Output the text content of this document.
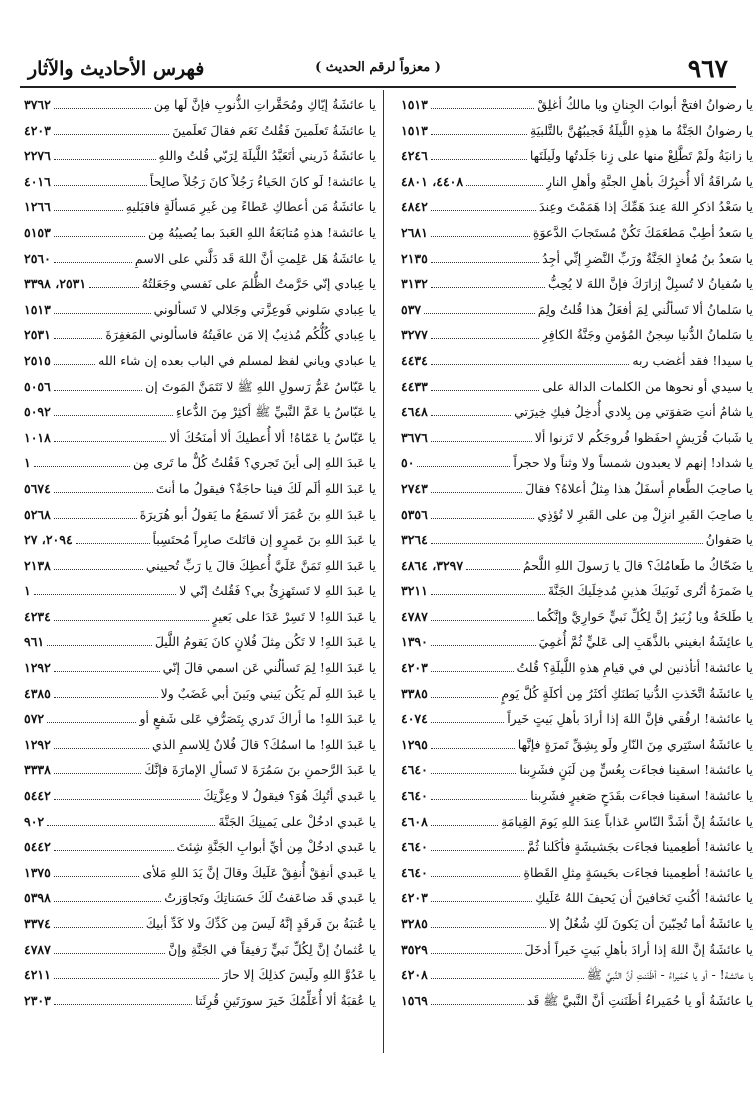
٩٦٧
( معزواً لرقم الحديث )
فهرس الأحاديث والآثار
يا رضوانُ افتحْ أبوابَ الجِنانِ ويا مالكُ أغلِقْ
١٥١٣
يا رضوانُ الجَنَّةُ ما هذِهِ اللَّيلَةُ فَجيبُهُنَّ بالتَّلبيَةِ
١٥١٣
يا زانيَةُ ولَمْ تَطَّلِعْ منها على زِنا جَلَدتُها ولَيلَتَها
٤٢٤٦
يا سُراقَةُ ألا أُخبِرُكَ بأهلِ الجنَّةِ وأهلِ النارِ
٤٤٠٨، ٤٨٠١
يا سَعْدُ اذكرِ اللهَ عِندَ هَمِّكَ إذا هَمَمْتَ وعِندَ
٤٨٤٢
يا سَعدُ أطِبْ مَطعَمَكَ تَكُنْ مُستَجابَ الدَّعوَةِ
٢٦٨١
يا سَعدُ بنُ مُعاذٍ الجَنَّةُ ورَبِّ النَّضرِ إنِّي أجِدُ
٢١٣٥
يا سُفيانُ لا تُسبِلْ إزارَكَ فإنَّ اللهَ لا يُحِبُّ
٣١٣٢
يا سَلمانُ ألا تَسألُني لِمَ أفعَلُ هذا قُلتُ ولِمَ
٥٣٧
يا سَلمانُ الدُّنيا سِجنُ المُؤمنِ وجَنَّةُ الكافِرِ
٣٢٧٧
يا سيدا! فقد أغضب ربه
٤٤٣٤
يا سيدي أو نحوها من الكلمات الدالة على
٤٤٣٣
يا شامُ أنتِ صَفوَتي مِن بِلادي أُدخِلُ فيكِ خِيرَتي
٤٦٤٨
يا شَبابَ قُرَيشٍ احفَظوا فُروجَكُم لا تَزنوا ألا
٣٦٧٦
يا شداد! إنهم لا يعبدون شمساً ولا وثناً ولا حجراً
٥٠
يا صاحِبَ الطَّعامِ أسفَلُ هذا مِثلُ أعلاهُ؟ فقالَ
٢٧٤٣
يا صاحِبَ القَبرِ انزِلْ مِن على القَبرِ لا تُؤذِي
٥٣٥٦
يا صَفوانُ
٣٢٦٤
يا ضَحّاكُ ما طَعامُكَ؟ قالَ يا رَسولَ اللهِ اللَّحمُ
٣٢٩٧، ٤٨٦٤
يا ضَمرَةُ أتُرى ثَوبَيكَ هذينِ مُدخِلَيكَ الجَنَّةَ
٣٢١١
يا طَلحَةُ ويا زُبَيرُ إنَّ لِكُلِّ نَبيٍّ حَوارِيَّ وإنَّكُما
٤٧٨٧
يا عائِشَةُ ابغيني بالذَّهَبِ إلى عَليٍّ ثُمَّ أُغمِيَ
١٣٩٠
يا عائشة! أتأذنين لي في قيامِ هذهِ اللَّيلَةِ؟ قُلتُ
٤٢٠٣
يا عائشَةُ اتَّخَذتِ الدُّنيا بَطنَكِ أكثَرُ مِن أكلَةٍ كُلَّ يَومٍ
٣٣٨٥
يا عائشة! ارفُقي فإنَّ اللهَ إذا أرادَ بأهلِ بَيتٍ خَيراً
٤٠٧٤
يا عائشَةُ استَتِري مِنَ النّارِ ولَو بِشِقِّ تَمرَةٍ فإنَّها
١٢٩٥
يا عائشة! اسقينا فجاءَت بِعُسٍّ مِن لَبَنٍ فشَرِبنا
٤٦٤٠
يا عائشة! اسقينا فجاءَت بقَدَحٍ صَغيرٍ فشَرِبنا
٤٦٤٠
يا عائشَةُ إنَّ أشَدَّ النّاسِ عَذاباً عِندَ اللهِ يَومَ القِيامَةِ
٤٦٠٨
يا عائشة! أطعِمينا فجاءَت بجَشيشَةٍ فأكَلنا ثُمَّ
٤٦٤٠
يا عائشة! أطعِمينا فجاءَت بحَيسَةٍ مِثلِ القَطاةِ
٤٦٤٠
يا عائشة! أكُنتِ تَخافينَ أن يَحيفَ اللهُ عَلَيكِ
٤٢٠٣
يا عائشَةُ أما تُحِبّينَ أن يَكونَ لَكِ شُغُلٌ إلا
٣٢٨٥
يا عائشَةُ إنَّ اللهَ إذا أرادَ بأهلِ بَيتٍ خَيراً أدخَلَ
٣٥٢٩
يا عائشة! - أو يا حُمَيراءُ - أظَنَنتِ أنَّ النَّبيَّ ﷺ
٤٢٠٨
يا عائشَةُ أو يا حُمَيراءُ أظَنَنتِ أنَّ النَّبيَّ ﷺ قَد
١٥٦٩
يا عائشَةُ إيّاكِ ومُحَقَّراتِ الذُّنوبِ فإنَّ لَها مِن
٣٧٦٢
يا عائشَةُ تَعلَمينَ فَقُلتُ نَعَم فقالَ تَعلَمينَ
٤٢٠٣
يا عائشَةُ ذَريني أتَعَبَّدُ اللَّيلَةَ لِرَبّي قُلتُ واللهِ
٢٢٧٦
يا عائشة! لَو كانَ الحَياءُ رَجُلاً كانَ رَجُلاً صالِحاً
٤٠١٦
يا عائشَةُ مَن أعطاكِ عَطاءً مِن غَيرِ مَسألَةٍ فاقبَليهِ
١٢٦٦
يا عائشة! هذهِ مُتابَعَةُ اللهِ العَبدَ بما يُصيبُهُ مِن
٥١٥٣
يا عائشَةُ هَل عَلِمتِ أنَّ اللهَ قَد دَلَّني على الاسمِ
٢٥٦٠
يا عِبادي إنّي حَرَّمتُ الظُّلمَ على نَفسي وجَعَلتُهُ
٢٥٣١، ٣٣٩٨
يا عِبادي سَلوني فَوعِزَّتي وجَلالي لا تَسألوني
١٥١٣
يا عِبادي كُلُّكُم مُذنِبٌ إلا مَن عافَيتُهُ فاسألوني المَغفِرَةَ
٢٥٣١
يا عبادي وياني لفظ لمسلم في الباب بعده إن شاء الله
٢٥١٥
يا عَبّاسُ عَمُّ رَسولِ اللهِ ﷺ لا تَتَمَنَّ المَوتَ إن
٥٠٥٦
يا عَبّاسُ يا عَمَّ النَّبيِّ ﷺ أكثِرْ مِنَ الدُّعاءِ
٥٠٩٢
يا عَبّاسُ يا عَمّاهُ! ألا أُعطيكَ ألا أمنَحُكَ ألا
١٠١٨
يا عَبدَ اللهِ إلى أينَ تَجري؟ فَقُلتُ كُلٌّ ما تَرى مِن
١
يا عَبدَ اللهِ ألَم لَكَ فينا حاجَةٌ؟ فيقولُ ما أنتَ
٥٦٧٤
يا عَبدَ اللهِ بنَ عُمَرَ ألا تَسمَعُ ما يَقولُ أبو هُرَيرَةَ
٥٢٦٨
يا عَبدَ اللهِ بنَ عَمرٍو إن قاتَلتَ صابِراً مُحتَسِباً
٢٠٩٤، ٢٧
يا عَبدَ اللهِ تَمَنَّ عَلَيَّ أُعطِكَ قالَ يا رَبِّ تُحييني
٢١٣٨
يا عَبدَ اللهِ لا تَستَهزِئُ بي؟ فَقُلتُ إنّي لا
١
يا عَبدَ اللهِ! لا تَسِرْ عَدَا على بَعيرٍ
٤٢٣٤
يا عَبدَ اللهِ! لا تَكُن مِثلَ فُلانٍ كانَ يَقومُ اللَّيلَ
٩٦١
يا عَبدَ اللهِ! لِمَ تَسألُني عَن اسمي قالَ إنّي
١٢٩٢
يا عَبدَ اللهِ لَم يَكُن بَيني وبَينَ أبي غَضَبٌ ولا
٤٣٨٥
يا عَبدَ اللهِ! ما أراكَ تَدري بِتَصَرُّفِ عَلى شَفعٍ أو
٥٧٢
يا عَبدَ اللهِ! ما اسمُكَ؟ قالَ فُلانٌ لِلاسمِ الذي
١٢٩٢
يا عَبدَ الرَّحمنِ بنَ سَمُرَةَ لا تَسألِ الإمارَةَ فإنَّكَ
٣٣٣٨
يا عَبدي أتُبِكَ هُوَ؟ فيقولُ لا وعِزَّتِكَ
٥٤٤٢
يا عَبدي ادخُلْ على يَمينِكَ الجَنَّةَ
٩٠٢
يا عَبدي ادخُلْ مِن أيِّ أبوابِ الجَنَّةِ شِئتَ
٥٤٤٢
يا عَبدي أنفِقْ أُنفِقْ عَلَيكَ وقالَ إنَّ يَدَ اللهِ مَلأى
١٣٧٥
يا عَبدي قَد ضاعَفتُ لَكَ حَسَناتِكَ وتَجاوَزتُ
٥٣٩٨
يا عُتبَةُ بنَ فَرقَدٍ إنَّهُ لَيسَ مِن كَدِّكَ ولا كَدِّ أبيكَ
٣٣٧٤
يا عُثمانُ إنَّ لِكُلِّ نَبيٍّ رَفيقاً في الجَنَّةِ وإنَّ
٤٧٨٧
يا عَدُوَّ اللهِ ولَيسَ كذلِكَ إلا حارَ
٤٢١١
يا عُقبَةُ ألا أُعَلِّمُكَ خَيرَ سورَتَينِ قُرِئَتا
٢٣٠٣
